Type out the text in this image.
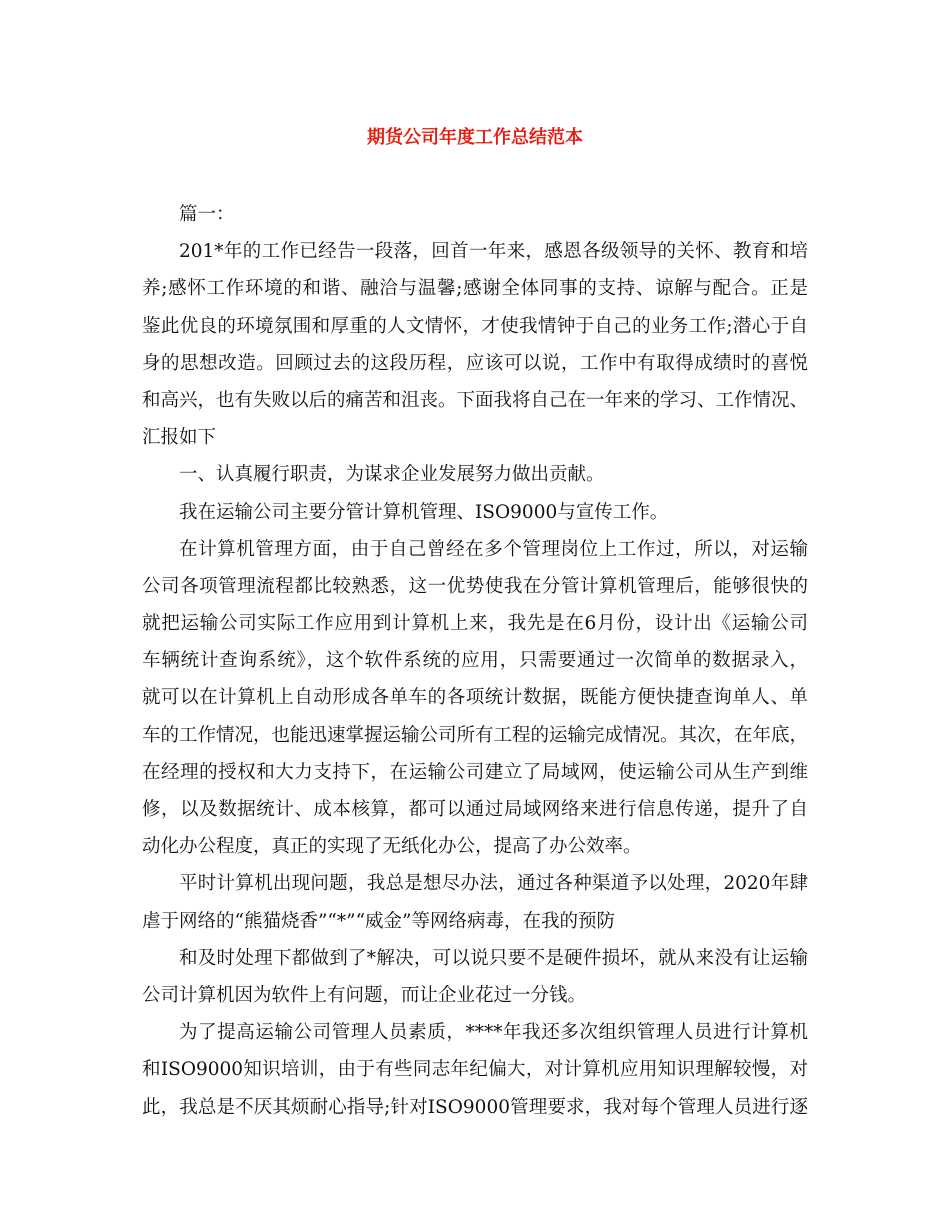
期货公司年度工作总结范本
篇一：
201*年的工作已经告一段落，回首一年来，感恩各级领导的关怀、教育和培
养;感怀工作环境的和谐、融洽与温馨;感谢全体同事的支持、谅解与配合。正是
鉴此优良的环境氛围和厚重的人文情怀，才使我情钟于自己的业务工作;潜心于自
身的思想改造。回顾过去的这段历程，应该可以说，工作中有取得成绩时的喜悦
和高兴，也有失败以后的痛苦和沮丧。下面我将自己在一年来的学习、工作情况、
汇报如下
一、认真履行职责，为谋求企业发展努力做出贡献。
我在运输公司主要分管计算机管理、ISO9000与宣传工作。
在计算机管理方面，由于自己曾经在多个管理岗位上工作过，所以，对运输
公司各项管理流程都比较熟悉，这一优势使我在分管计算机管理后，能够很快的
就把运输公司实际工作应用到计算机上来，我先是在6月份，设计出《运输公司
车辆统计查询系统》，这个软件系统的应用，只需要通过一次简单的数据录入，
就可以在计算机上自动形成各单车的各项统计数据，既能方便快捷查询单人、单
车的工作情况，也能迅速掌握运输公司所有工程的运输完成情况。其次，在年底，
在经理的授权和大力支持下，在运输公司建立了局域网，使运输公司从生产到维
修，以及数据统计、成本核算，都可以通过局域网络来进行信息传递，提升了自
动化办公程度，真正的实现了无纸化办公，提高了办公效率。
平时计算机出现问题，我总是想尽办法，通过各种渠道予以处理，2020年肆
虐于网络的“熊猫烧香”“*”“威金”等网络病毒，在我的预防
和及时处理下都做到了*解决，可以说只要不是硬件损坏，就从来没有让运输
公司计算机因为软件上有问题，而让企业花过一分钱。
为了提高运输公司管理人员素质，****年我还多次组织管理人员进行计算机
和ISO9000知识培训，由于有些同志年纪偏大，对计算机应用知识理解较慢，对
此，我总是不厌其烦耐心指导;针对ISO9000管理要求，我对每个管理人员进行逐
